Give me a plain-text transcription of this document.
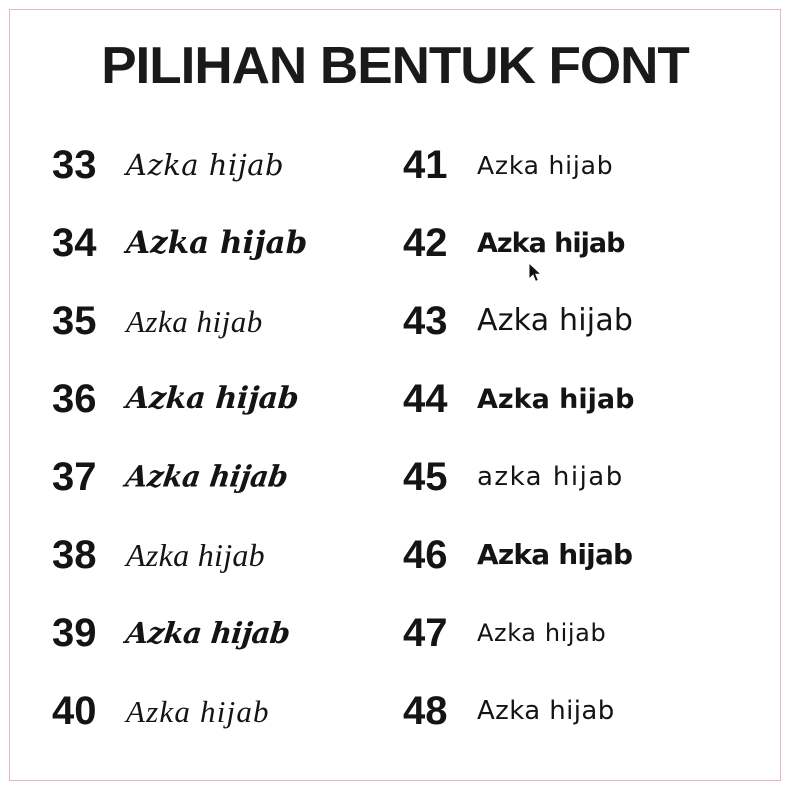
PILIHAN BENTUK FONT
33	Azka hijab
34 Azka hijab
35 Azka hijab
36 Azka hijab
37 Azka hijab
38 Azka hijab
39 Azka hijab
40 Azka hijab
41	Azka hijab
42	Azka hijab
43 Azka hijab
44	Azka hijab
45	azka hijab
46	Azka hijab
47	Azka hijab
48	Azka hijab
